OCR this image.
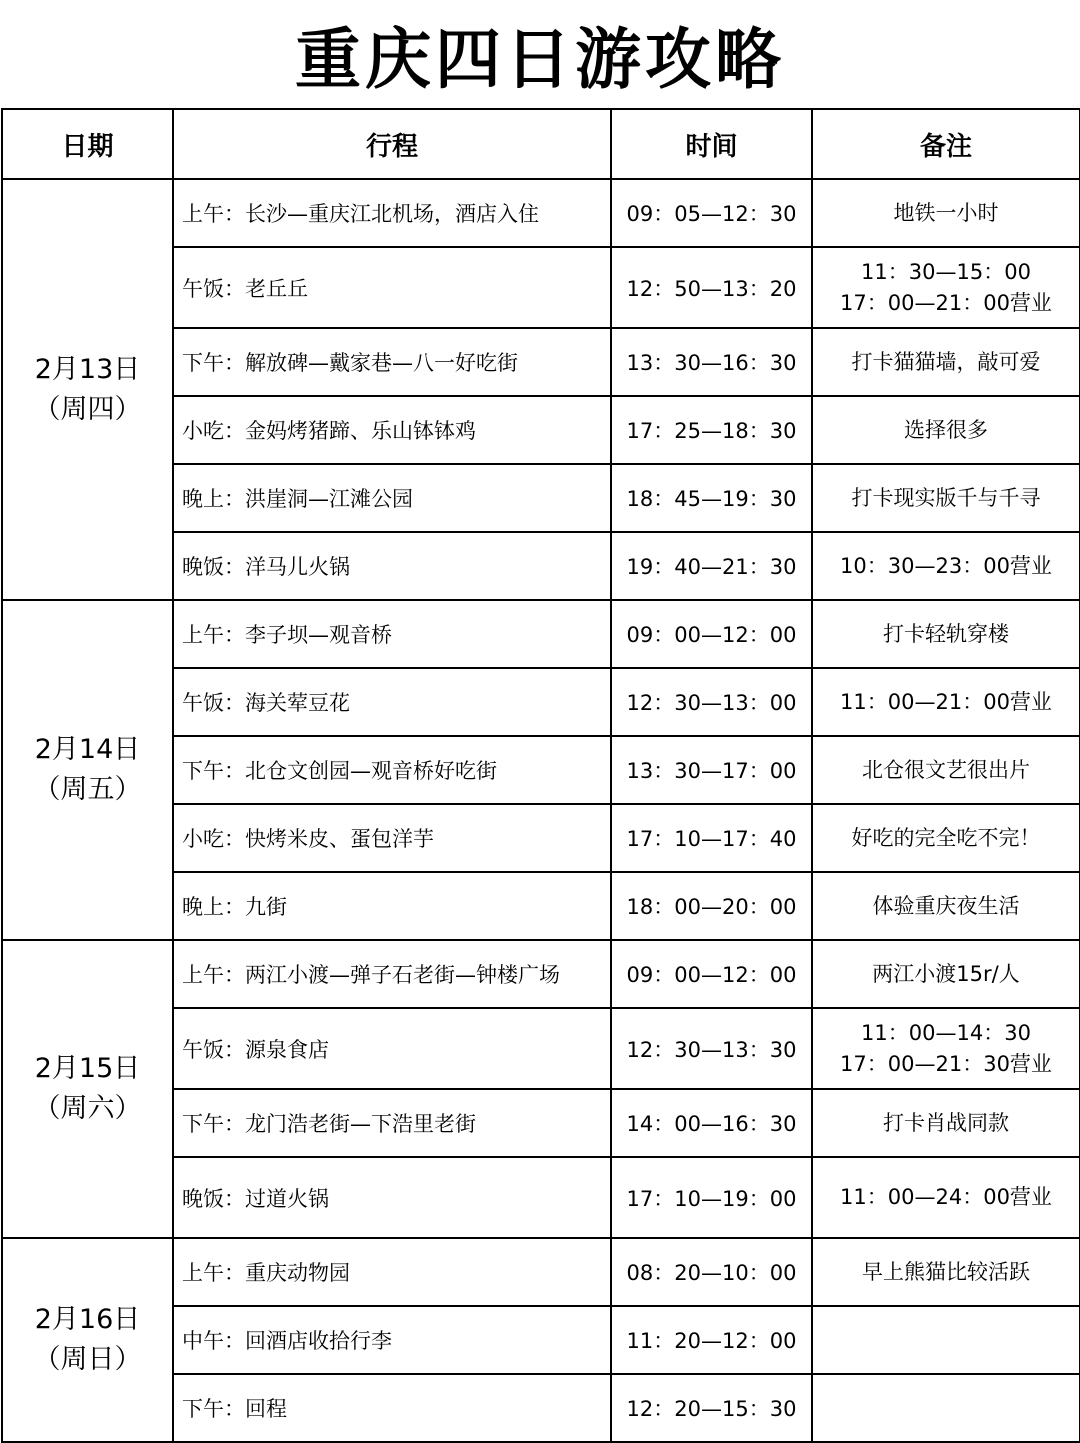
重庆四日游攻略
日期	行程	时间	备注

2月13日
（周四）	上午：长沙—重庆江北机场，酒店入住	09：05—12：30	地铁一小时
	午饭：老丘丘	12：50—13：20	11：30—15：00
17：00—21：00营业

	下午：解放碑—戴家巷—八一好吃街	13：30—16：30	打卡猫猫墙，敲可爱
	小吃：金妈烤猪蹄、乐山钵钵鸡	17：25—18：30	选择很多
	晚上：洪崖洞—江滩公园	18：45—19：30	打卡现实版千与千寻
	晚饭：洋马儿火锅	19：40—21：30	10：30—23：00营业

2月14日
（周五）	上午：李子坝—观音桥	09：00—12：00	打卡轻轨穿楼
	午饭：海关荤豆花	12：30—13：00	11：00—21：00营业
	下午：北仓文创园—观音桥好吃街	13：30—17：00	北仓很文艺很出片
	小吃：快烤米皮、蛋包洋芋	17：10—17：40	好吃的完全吃不完！
	晚上：九街	18：00—20：00	体验重庆夜生活

2月15日
（周六）	上午：两江小渡—弹子石老街—钟楼广场	09：00—12：00	两江小渡15r/人
	午饭：源泉食店	12：30—13：30	11：00—14：30
17：00—21：30营业

	下午：龙门浩老街—下浩里老街	14：00—16：30	打卡肖战同款
	晚饭：过道火锅	17：10—19：00	11：00—24：00营业

2月16日
（周日）	上午：重庆动物园	08：20—10：00	早上熊猫比较活跃
	中午：回酒店收拾行李	11：20—12：00	
	下午：回程	12：20—15：30	
